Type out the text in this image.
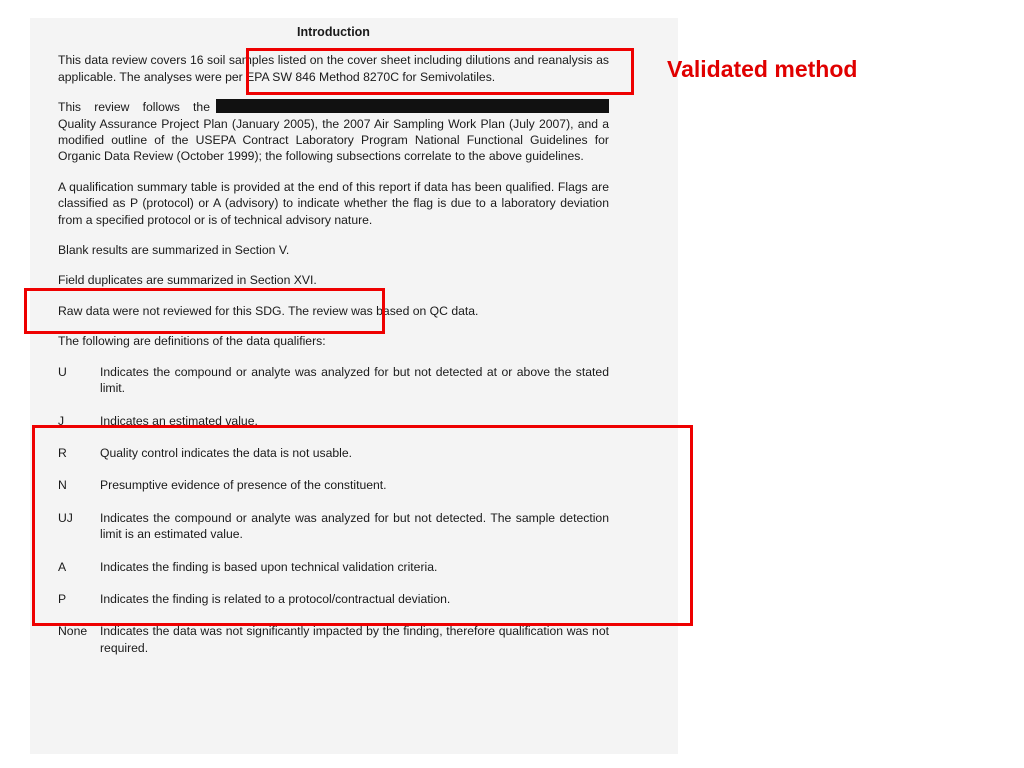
Introduction
This data review covers 16 soil samples listed on the cover sheet including dilutions and reanalysis as applicable. The analyses were per EPA SW 846 Method 8270C for Semivolatiles.
This review follows the Quality Assurance Project Plan (January 2005), the 2007 Air Sampling Work Plan (July 2007), and a modified outline of the USEPA Contract Laboratory Program National Functional Guidelines for Organic Data Review (October 1999); the following subsections correlate to the above guidelines.
A qualification summary table is provided at the end of this report if data has been qualified. Flags are classified as P (protocol) or A (advisory) to indicate whether the flag is due to a laboratory deviation from a specified protocol or is of technical advisory nature.
Blank results are summarized in Section V.
Field duplicates are summarized in Section XVI.
Raw data were not reviewed for this SDG. The review was based on QC data.
The following are definitions of the data qualifiers:
U	Indicates the compound or analyte was analyzed for but not detected at or above the stated limit.
J	Indicates an estimated value.
R	Quality control indicates the data is not usable.
N	Presumptive evidence of presence of the constituent.
UJ	Indicates the compound or analyte was analyzed for but not detected. The sample detection limit is an estimated value.
A	Indicates the finding is based upon technical validation criteria.
P	Indicates the finding is related to a protocol/contractual deviation.
None	Indicates the data was not significantly impacted by the finding, therefore qualification was not required.
Validated method
